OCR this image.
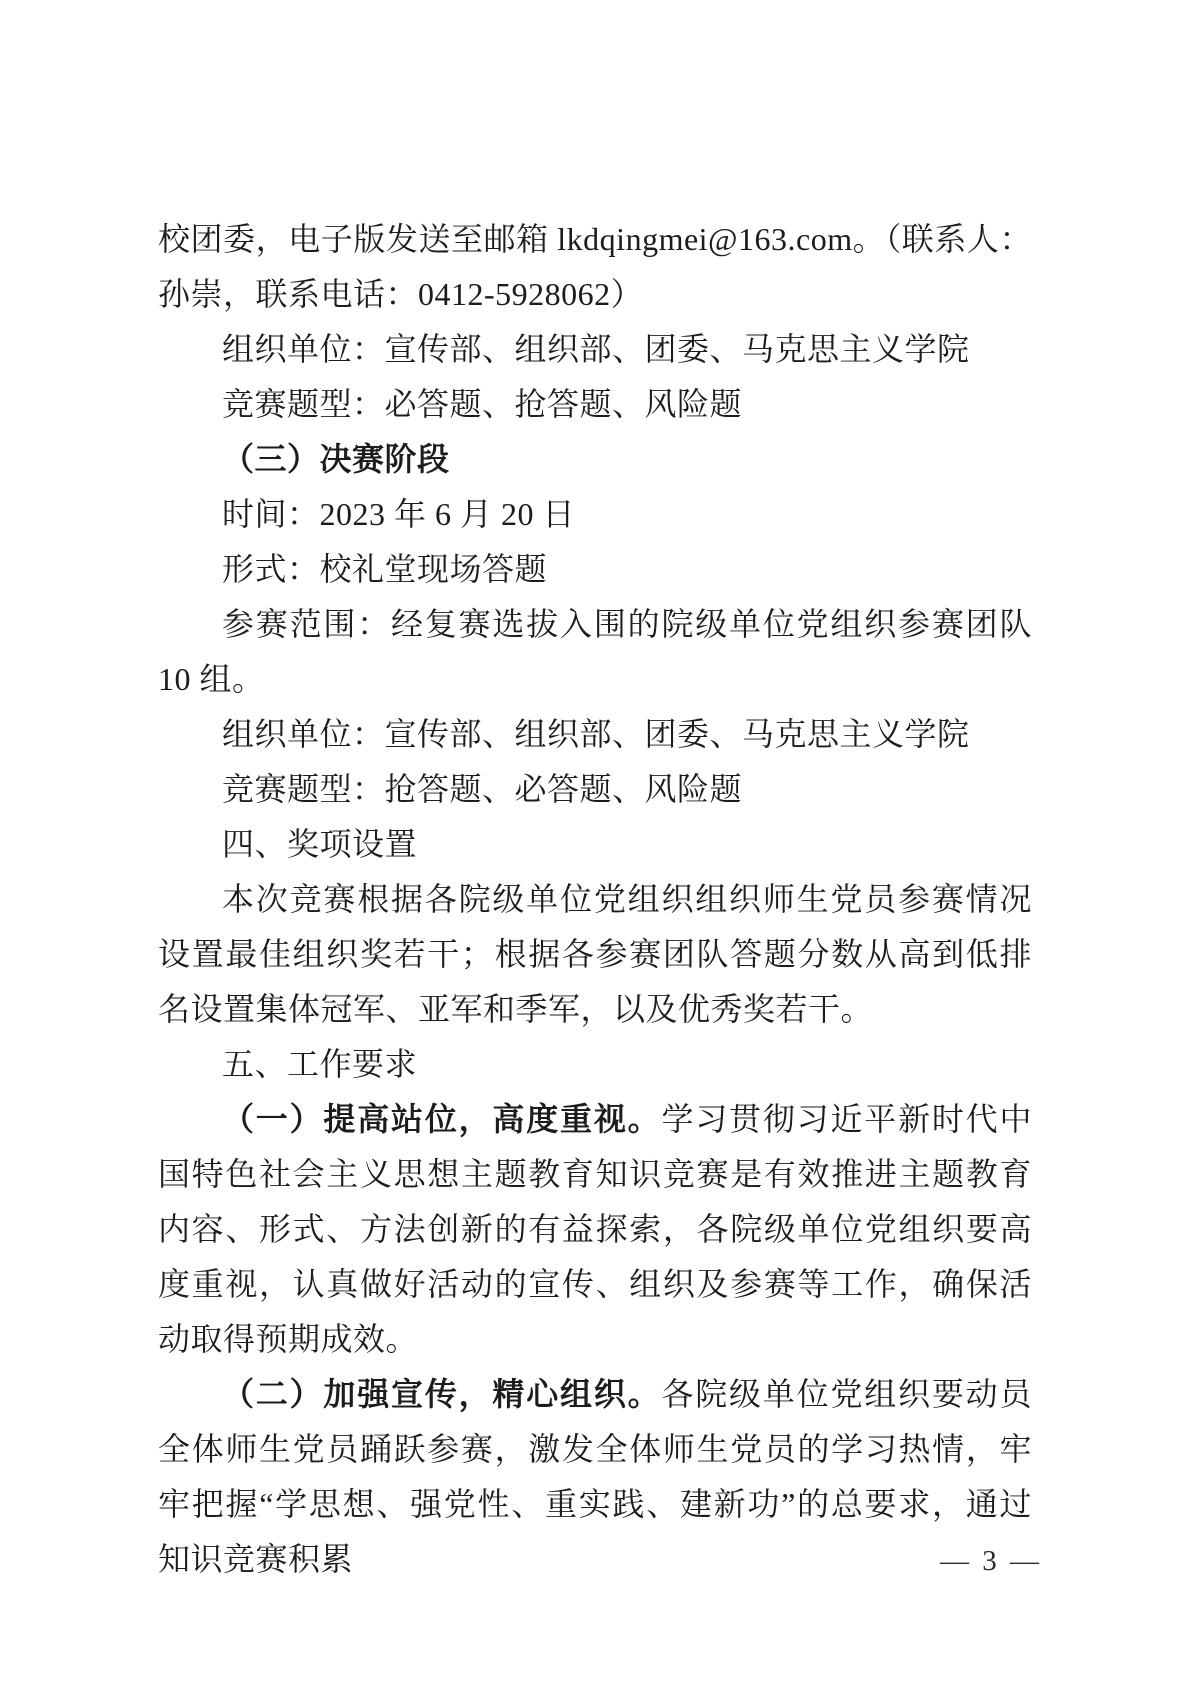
校团委，电子版发送至邮箱 lkdqingmei@163.com。（联系人：孙崇，联系电话：0412-5928062）

组织单位：宣传部、组织部、团委、马克思主义学院

竞赛题型：必答题、抢答题、风险题

（三）决赛阶段

时间：2023 年 6 月 20 日

形式：校礼堂现场答题

参赛范围：经复赛选拔入围的院级单位党组织参赛团队 10 组。

组织单位：宣传部、组织部、团委、马克思主义学院

竞赛题型：抢答题、必答题、风险题

四、奖项设置

本次竞赛根据各院级单位党组织组织师生党员参赛情况设置最佳组织奖若干；根据各参赛团队答题分数从高到低排名设置集体冠军、亚军和季军，以及优秀奖若干。

五、工作要求

（一）提高站位，高度重视。学习贯彻习近平新时代中国特色社会主义思想主题教育知识竞赛是有效推进主题教育内容、形式、方法创新的有益探索，各院级单位党组织要高度重视，认真做好活动的宣传、组织及参赛等工作，确保活动取得预期成效。

（二）加强宣传，精心组织。各院级单位党组织要动员全体师生党员踊跃参赛，激发全体师生党员的学习热情，牢牢把握“学思想、强党性、重实践、建新功”的总要求，通过知识竞赛积累	— 3 —
